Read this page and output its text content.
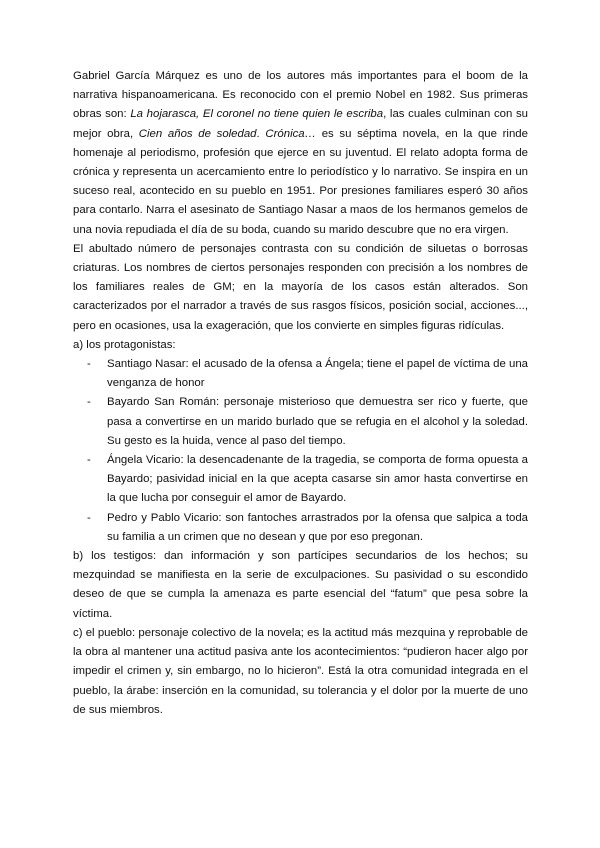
Gabriel García Márquez es uno de los autores más importantes para el boom de la narrativa hispanoamericana. Es reconocido con el premio Nobel en 1982. Sus primeras obras son: La hojarasca, El coronel no tiene quien le escriba, las cuales culminan con su mejor obra, Cien años de soledad. Crónica… es su séptima novela, en la que rinde homenaje al periodismo, profesión que ejerce en su juventud. El relato adopta forma de crónica y representa un acercamiento entre lo periodístico y lo narrativo. Se inspira en un suceso real, acontecido en su pueblo en 1951. Por presiones familiares esperó 30 años para contarlo. Narra el asesinato de Santiago Nasar a maos de los hermanos gemelos de una novia repudiada el día de su boda, cuando su marido descubre que no era virgen.

El abultado número de personajes contrasta con su condición de siluetas o borrosas criaturas. Los nombres de ciertos personajes responden con precisión a los nombres de los familiares reales de GM; en la mayoría de los casos están alterados. Son caracterizados por el narrador a través de sus rasgos físicos, posición social, acciones..., pero en ocasiones, usa la exageración, que los convierte en simples figuras ridículas.

a) los protagonistas:

- Santiago Nasar: el acusado de la ofensa a Ángela; tiene el papel de víctima de una venganza de honor
- Bayardo San Román: personaje misterioso que demuestra ser rico y fuerte, que pasa a convertirse en un marido burlado que se refugia en el alcohol y la soledad. Su gesto es la huida, vence al paso del tiempo.
- Ángela Vicario: la desencadenante de la tragedia, se comporta de forma opuesta a Bayardo; pasividad inicial en la que acepta casarse sin amor hasta convertirse en la que lucha por conseguir el amor de Bayardo.
- Pedro y Pablo Vicario: son fantoches arrastrados por la ofensa que salpica a toda su familia a un crimen que no desean y que por eso pregonan.

b) los testigos: dan información y son partícipes secundarios de los hechos; su mezquindad se manifiesta en la serie de exculpaciones. Su pasividad o su escondido deseo de que se cumpla la amenaza es parte esencial del “fatum” que pesa sobre la víctima.

c) el pueblo: personaje colectivo de la novela; es la actitud más mezquina y reprobable de la obra al mantener una actitud pasiva ante los acontecimientos: “pudieron hacer algo por impedir el crimen y, sin embargo, no lo hicieron”. Está la otra comunidad integrada en el pueblo, la árabe: inserción en la comunidad, su tolerancia y el dolor por la muerte de uno de sus miembros.
